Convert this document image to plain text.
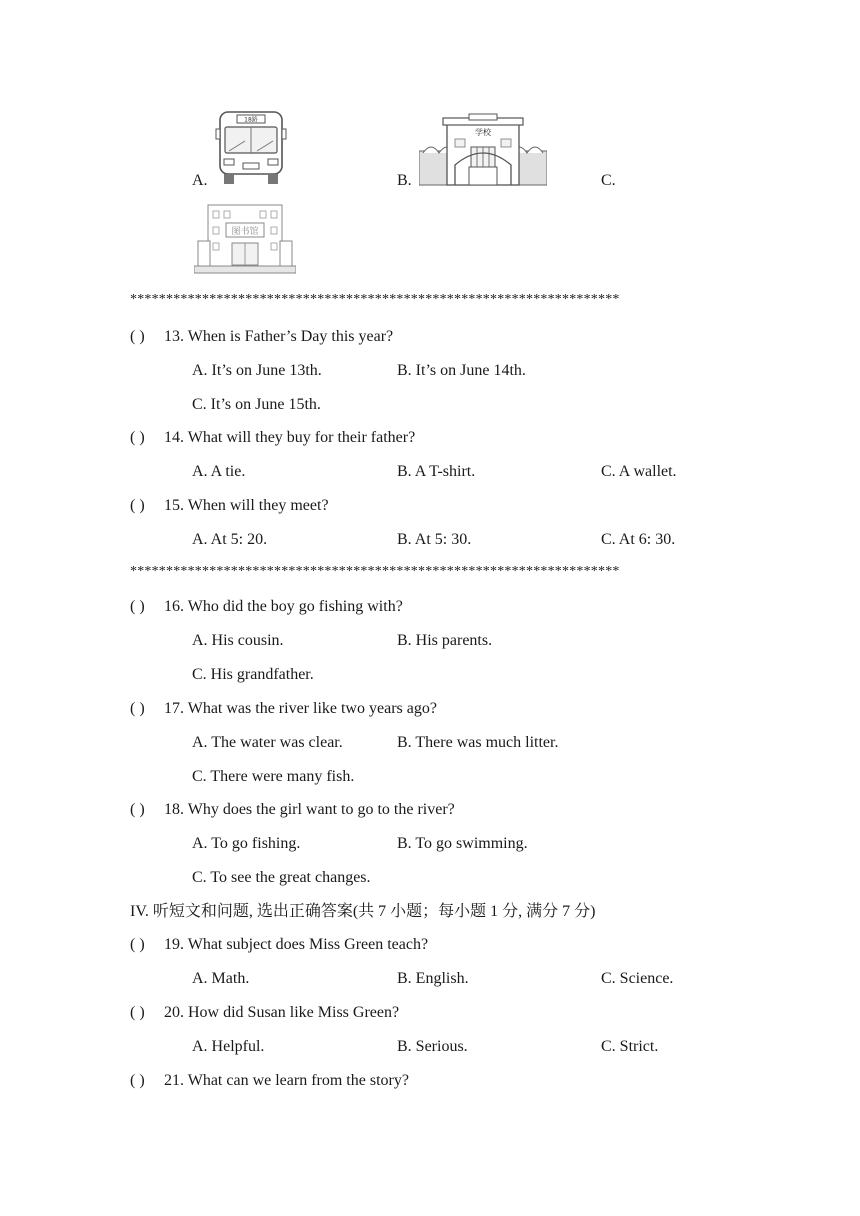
A.
18路
B.
学校
C.
图书馆
********************************************************************
( ) 13. When is Father’s Day this year?
A. It’s on June 13th.	B. It’s on June 14th.
C. It’s on June 15th.
( ) 14. What will they buy for their father?
A. A tie.	B. A T-shirt.	C. A wallet.
( ) 15. When will they meet?
A. At 5: 20.	B. At 5: 30.	C. At 6: 30.
********************************************************************
( ) 16. Who did the boy go fishing with?
A. His cousin.	B. His parents.
C. His grandfather.
( ) 17. What was the river like two years ago?
A. The water was clear.	B. There was much litter.
C. There were many fish.
( ) 18. Why does the girl want to go to the river?
A. To go fishing.	B. To go swimming.
C. To see the great changes.
IV. 听短文和问题, 选出正确答案(共 7 小题；每小题 1 分, 满分 7 分)
( ) 19. What subject does Miss Green teach?
A. Math.	B. English.	C. Science.
( ) 20. How did Susan like Miss Green?
A. Helpful.	B. Serious.	C. Strict.
( ) 21. What can we learn from the story?
